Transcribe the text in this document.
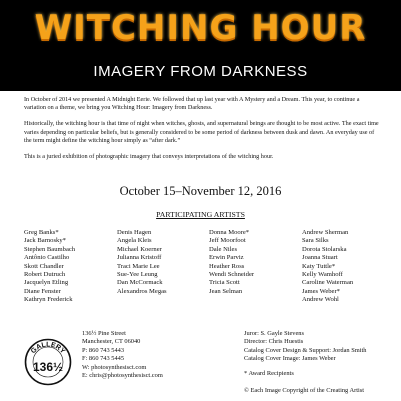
WITCHING HOUR
IMAGERY FROM DARKNESS

In October of 2014 we presented A Midnight Eerie. We followed that up last year with A Mystery and a Dream. This year, to continue a variation on a theme, we bring you Witching Hour: Imagery from Darkness.

Historically, the witching hour is that time of night when witches, ghosts, and supernatural beings are thought to be most active. The exact time varies depending on particular beliefs, but is generally considered to be some period of darkness between dusk and dawn. An everyday use of the term might define the witching hour simply as “after dark.”

This is a juried exhibition of photographic imagery that conveys interpretations of the witching hour.

October 15–November 12, 2016
PARTICIPATING ARTISTS
Greg Banks*
Jack Barnosky*
Stephen Baumbach
Antônio Castilho
Skott Chandler
Robert Dutruch
Jacquelyn Etling
Diane Fenster
Kathryn Frederick
Denis Hagen
Angela Kleis
Michael Koerner
Julianna Kristoff
Traci Marie Lee
Sue-Yee Leung
Dan McCormack
Alexandros Megas
Donna Moore*
Jeff Moorfoot
Dale Niles
Erwin Parviz
Heather Ross
Wendi Schneider
Tricia Scott
Jean Selman
Andrew Sherman
Sara Silks
Dorota Stolarska
Joanna Stuart
Katy Tuttle*
Kelly Wamhoff
Caroline Waterman
James Weber*
Andrew Wohl
GALLERY
136½
136½ Pine Street
Manchester, CT 06040
P: 860 743 5443
F: 860 743 5445
W: photosynthesisct.com
E: chris@photosynthesisct.com
Juror: S. Gayle Stevens
Director: Chris Huestis
Catalog Cover Design & Support: Jordan Smith
Catalog Cover Image: James Weber
* Award Recipients
© Each Image Copyright of the Creating Artist
